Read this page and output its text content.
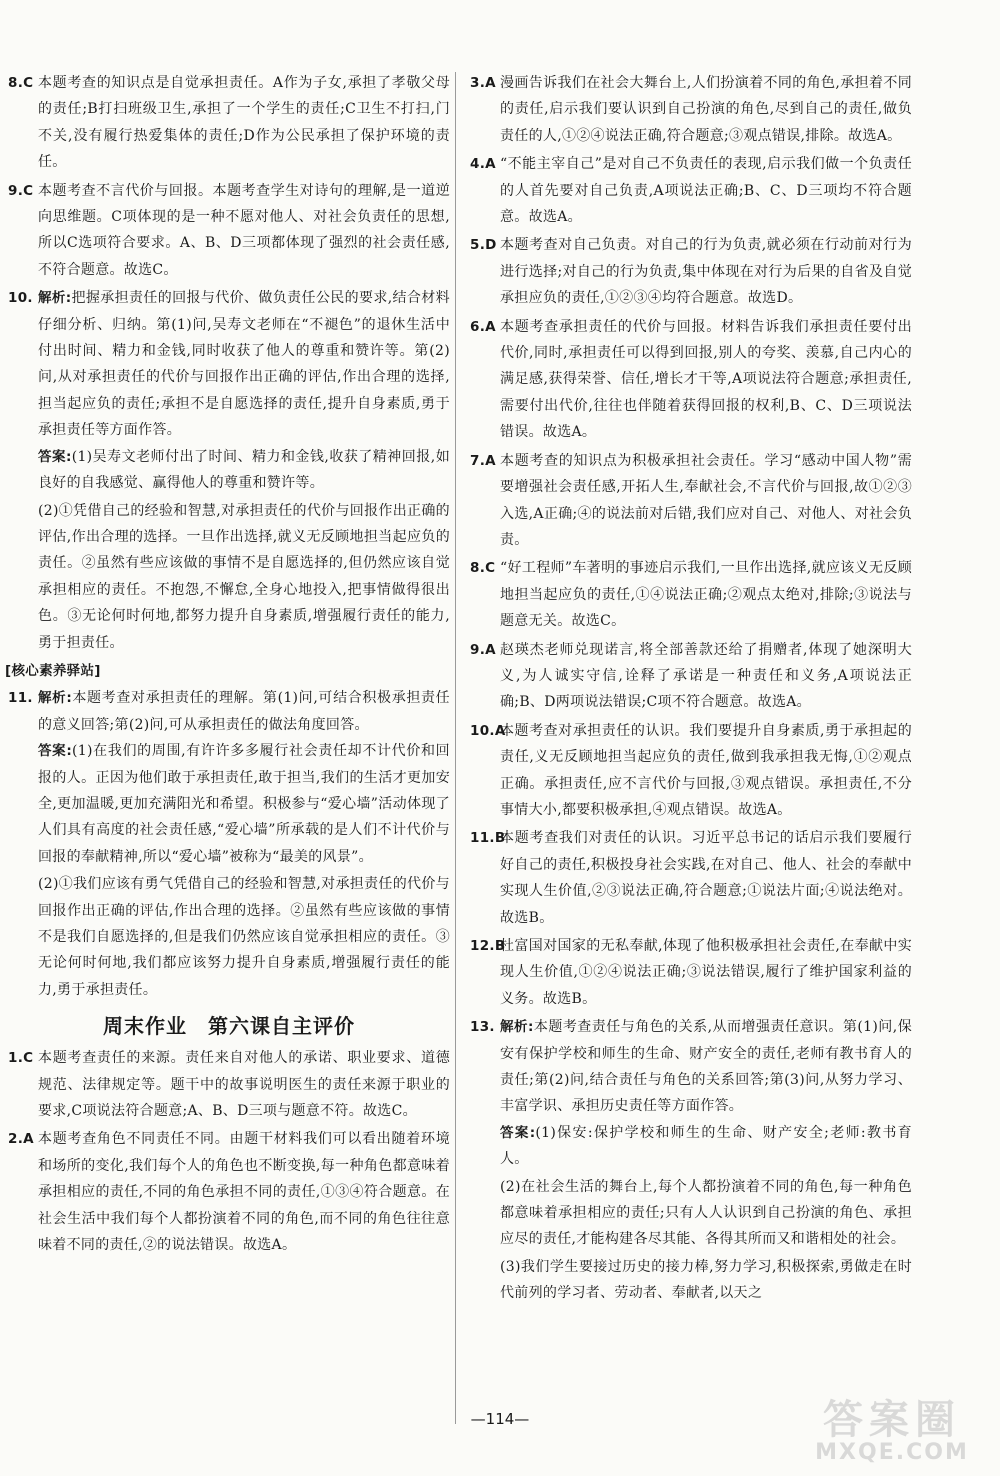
8.C 本题考查的知识点是自觉承担责任。A作为子女,承担了孝敬父母的责任;B打扫班级卫生,承担了一个学生的责任;C卫生不打扫,门不关,没有履行热爱集体的责任;D作为公民承担了保护环境的责任。
9.C 本题考查不言代价与回报。本题考查学生对诗句的理解,是一道逆向思维题。C项体现的是一种不愿对他人、对社会负责任的思想,所以C选项符合要求。A、B、D三项都体现了强烈的社会责任感,不符合题意。故选C。
10. 解析:把握承担责任的回报与代价、做负责任公民的要求,结合材料仔细分析、归纳。第(1)问,吴寿文老师在“不褪色”的退休生活中付出时间、精力和金钱,同时收获了他人的尊重和赞许等。第(2)问,从对承担责任的代价与回报作出正确的评估,作出合理的选择,担当起应负的责任;承担不是自愿选择的责任,提升自身素质,勇于承担责任等方面作答。

答案:(1)吴寿文老师付出了时间、精力和金钱,收获了精神回报,如良好的自我感觉、赢得他人的尊重和赞许等。

(2)①凭借自己的经验和智慧,对承担责任的代价与回报作出正确的评估,作出合理的选择。一旦作出选择,就义无反顾地担当起应负的责任。②虽然有些应该做的事情不是自愿选择的,但仍然应该自觉承担相应的责任。不抱怨,不懈怠,全身心地投入,把事情做得很出色。③无论何时何地,都努力提升自身素质,增强履行责任的能力,勇于担责任。

[核心素养驿站]
11. 解析:本题考查对承担责任的理解。第(1)问,可结合积极承担责任的意义回答;第(2)问,可从承担责任的做法角度回答。

答案:(1)在我们的周围,有许许多多履行社会责任却不计代价和回报的人。正因为他们敢于承担责任,敢于担当,我们的生活才更加安全,更加温暖,更加充满阳光和希望。积极参与“爱心墙”活动体现了人们具有高度的社会责任感,“爱心墙”所承载的是人们不计代价与回报的奉献精神,所以“爱心墙”被称为“最美的风景”。

(2)①我们应该有勇气凭借自己的经验和智慧,对承担责任的代价与回报作出正确的评估,作出合理的选择。②虽然有些应该做的事情不是我们自愿选择的,但是我们仍然应该自觉承担相应的责任。③无论何时何地,我们都应该努力提升自身素质,增强履行责任的能力,勇于承担责任。

周末作业　第六课自主评价
1.C 本题考查责任的来源。责任来自对他人的承诺、职业要求、道德规范、法律规定等。题干中的故事说明医生的责任来源于职业的要求,C项说法符合题意;A、B、D三项与题意不符。故选C。
2.A 本题考查角色不同责任不同。由题干材料我们可以看出随着环境和场所的变化,我们每个人的角色也不断变换,每一种角色都意味着承担相应的责任,不同的角色承担不同的责任,①③④符合题意。在社会生活中我们每个人都扮演着不同的角色,而不同的角色往往意味着不同的责任,②的说法错误。故选A。
3.A 漫画告诉我们在社会大舞台上,人们扮演着不同的角色,承担着不同的责任,启示我们要认识到自己扮演的角色,尽到自己的责任,做负责任的人,①②④说法正确,符合题意;③观点错误,排除。故选A。
4.A “不能主宰自己”是对自己不负责任的表现,启示我们做一个负责任的人首先要对自己负责,A项说法正确;B、C、D三项均不符合题意。故选A。
5.D 本题考查对自己负责。对自己的行为负责,就必须在行动前对行为进行选择;对自己的行为负责,集中体现在对行为后果的自省及自觉承担应负的责任,①②③④均符合题意。故选D。
6.A 本题考查承担责任的代价与回报。材料告诉我们承担责任要付出代价,同时,承担责任可以得到回报,别人的夸奖、羡慕,自己内心的满足感,获得荣誉、信任,增长才干等,A项说法符合题意;承担责任,需要付出代价,往往也伴随着获得回报的权利,B、C、D三项说法错误。故选A。
7.A 本题考查的知识点为积极承担社会责任。学习“感动中国人物”需要增强社会责任感,开拓人生,奉献社会,不言代价与回报,故①②③入选,A正确;④的说法前对后错,我们应对自己、对他人、对社会负责。
8.C “好工程师”车著明的事迹启示我们,一旦作出选择,就应该义无反顾地担当起应负的责任,①④说法正确;②观点太绝对,排除;③说法与题意无关。故选C。
9.A 赵瑛杰老师兑现诺言,将全部善款还给了捐赠者,体现了她深明大义,为人诚实守信,诠释了承诺是一种责任和义务,A项说法正确;B、D两项说法错误;C项不符合题意。故选A。
10.A
本题考查对承担责任的认识。我们要提升自身素质,勇于承担起的责任,义无反顾地担当起应负的责任,做到我承担我无悔,①②观点正确。承担责任,应不言代价与回报,③观点错误。承担责任,不分事情大小,都要积极承担,④观点错误。故选A。
11.B
本题考查我们对责任的认识。习近平总书记的话启示我们要履行好自己的责任,积极投身社会实践,在对自己、他人、社会的奉献中实现人生价值,②③说法正确,符合题意;①说法片面;④说法绝对。故选B。
12.B
杜富国对国家的无私奉献,体现了他积极承担社会责任,在奉献中实现人生价值,①②④说法正确;③说法错误,履行了维护国家利益的义务。故选B。
13. 解析:本题考查责任与角色的关系,从而增强责任意识。第(1)问,保安有保护学校和师生的生命、财产安全的责任,老师有教书育人的责任;第(2)问,结合责任与角色的关系回答;第(3)问,从努力学习、丰富学识、承担历史责任等方面作答。

答案:(1)保安:保护学校和师生的生命、财产安全;老师:教书育人。

(2)在社会生活的舞台上,每个人都扮演着不同的角色,每一种角色都意味着承担相应的责任;只有人人认识到自己扮演的角色、承担应尽的责任,才能构建各尽其能、各得其所而又和谐相处的社会。

(3)我们学生要接过历史的接力棒,努力学习,积极探索,勇做走在时代前列的学习者、劳动者、奉献者,以天之

—114—	答案圈
MXQE.COM
